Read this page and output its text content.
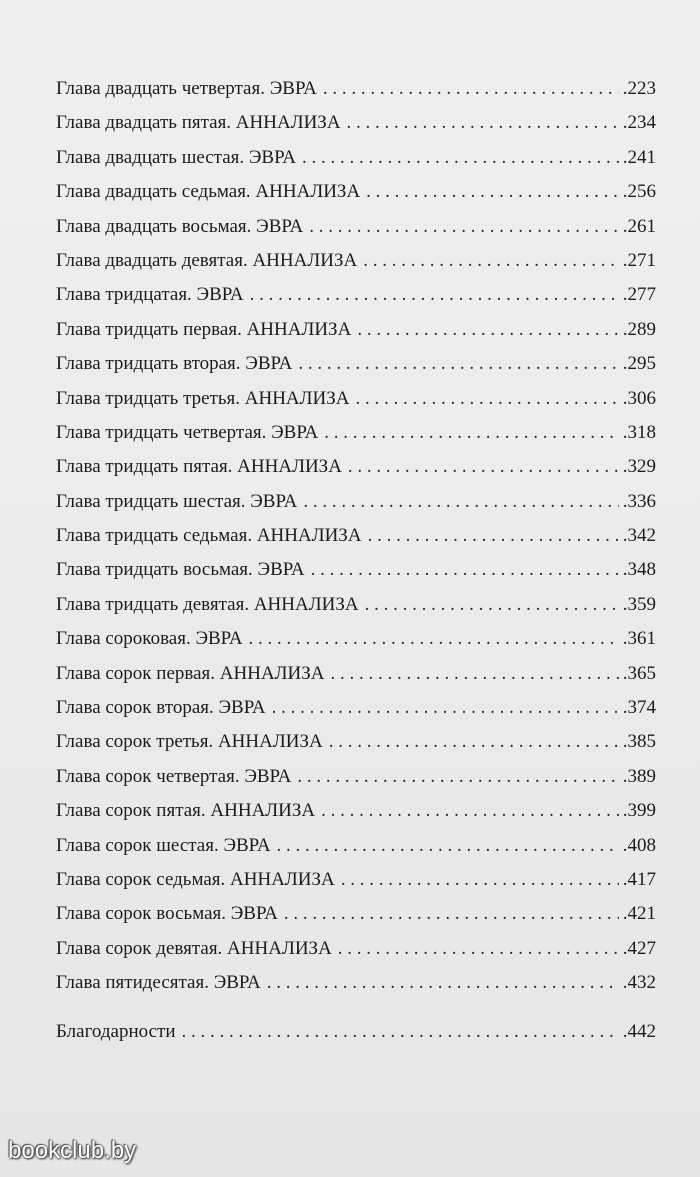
Глава двадцать четвертая. ЭВРА . . .	.223
Глава двадцать пятая. АННАЛИЗА . . .	.234
Глава двадцать шестая. ЭВРА . . .	.241
Глава двадцать седьмая. АННАЛИЗА . . .	.256
Глава двадцать восьмая. ЭВРА . . .	.261
Глава двадцать девятая. АННАЛИЗА . . .	.271
Глава тридцатая. ЭВРА . . .	.277
Глава тридцать первая. АННАЛИЗА . . .	.289
Глава тридцать вторая. ЭВРА . . .	.295
Глава тридцать третья. АННАЛИЗА . . .	.306
Глава тридцать четвертая. ЭВРА . . .	.318
Глава тридцать пятая. АННАЛИЗА . . .	.329
Глава тридцать шестая. ЭВРА . . .	.336
Глава тридцать седьмая. АННАЛИЗА . . .	.342
Глава тридцать восьмая. ЭВРА . . .	.348
Глава тридцать девятая. АННАЛИЗА . . .	.359
Глава сороковая. ЭВРА . . .	.361
Глава сорок первая. АННАЛИЗА . . .	.365
Глава сорок вторая. ЭВРА . . .	.374
Глава сорок третья. АННАЛИЗА . . .	.385
Глава сорок четвертая. ЭВРА . . .	.389
Глава сорок пятая. АННАЛИЗА . . .	.399
Глава сорок шестая. ЭВРА . . .	.408
Глава сорок седьмая. АННАЛИЗА . . .	.417
Глава сорок восьмая. ЭВРА . . .	.421
Глава сорок девятая. АННАЛИЗА . . .	.427
Глава пятидесятая. ЭВРА . . .	.432
Благодарности . . .	.442
bookclub.by
